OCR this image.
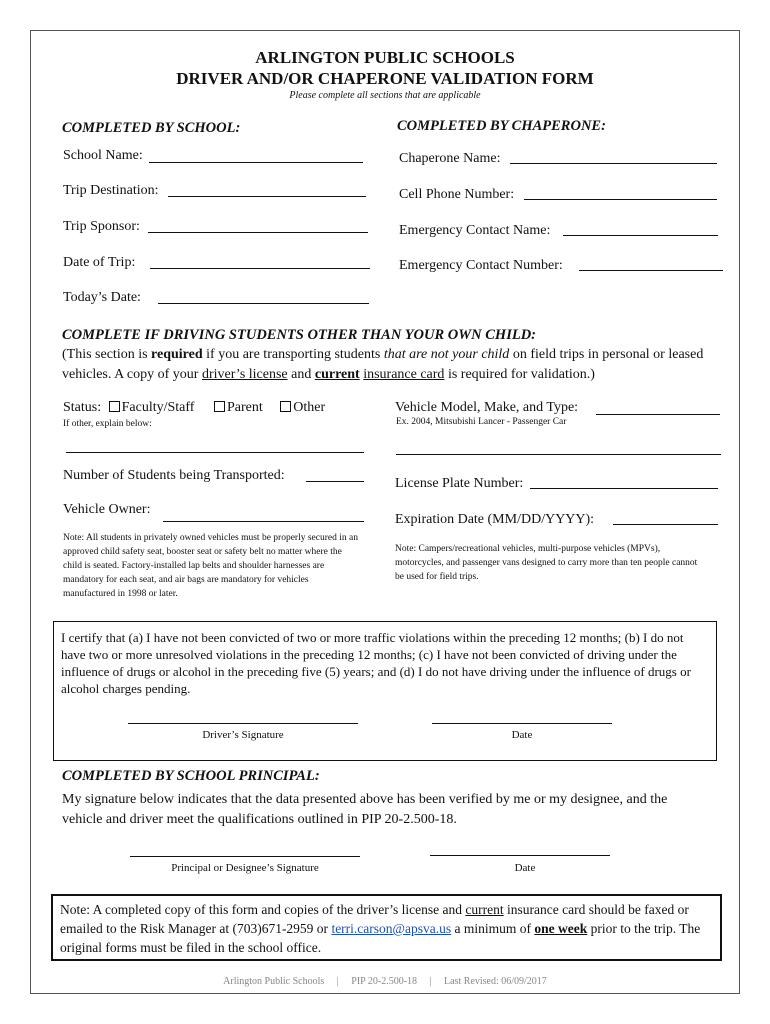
ARLINGTON PUBLIC SCHOOLS
DRIVER AND/OR CHAPERONE VALIDATION FORM
Please complete all sections that are applicable
COMPLETED BY SCHOOL:	COMPLETED BY CHAPERONE:
School Name:
Trip Destination:
Trip Sponsor:
Date of Trip:
Today’s Date:
Chaperone Name:
Cell Phone Number:
Emergency Contact Name:
Emergency Contact Number:
COMPLETE IF DRIVING STUDENTS OTHER THAN YOUR OWN CHILD:
(This section is required if you are transporting students that are not your child on field trips in personal or leased vehicles. A copy of your driver’s license and current insurance card is required for validation.)
Status: Faculty/Staff Parent Other
If other, explain below:
Number of Students being Transported:
Vehicle Owner:
Note: All students in privately owned vehicles must be properly secured in an approved child safety seat, booster seat or safety belt no matter where the child is seated. Factory-installed lap belts and shoulder harnesses are mandatory for each seat, and air bags are mandatory for vehicles manufactured in 1998 or later.
Vehicle Model, Make, and Type:
Ex. 2004, Mitsubishi Lancer - Passenger Car
License Plate Number:
Expiration Date (MM/DD/YYYY):
Note: Campers/recreational vehicles, multi-purpose vehicles (MPVs), motorcycles, and passenger vans designed to carry more than ten people cannot be used for field trips.
I certify that (a) I have not been convicted of two or more traffic violations within the preceding 12 months; (b) I do not have two or more unresolved violations in the preceding 12 months; (c) I have not been convicted of driving under the influence of drugs or alcohol in the preceding five (5) years; and (d) I do not have driving under the influence of drugs or alcohol charges pending.
Driver’s Signature	Date
COMPLETED BY SCHOOL PRINCIPAL:
My signature below indicates that the data presented above has been verified by me or my designee, and the vehicle and driver meet the qualifications outlined in PIP 20-2.500-18.
Principal or Designee’s Signature	Date
Note: A completed copy of this form and copies of the driver’s license and current insurance card should be faxed or emailed to the Risk Manager at (703)671-2959 or terri.carson@apsva.us a minimum of one week prior to the trip. The original forms must be filed in the school office.
Arlington Public Schools     |     PIP 20-2.500-18     |     Last Revised: 06/09/2017
